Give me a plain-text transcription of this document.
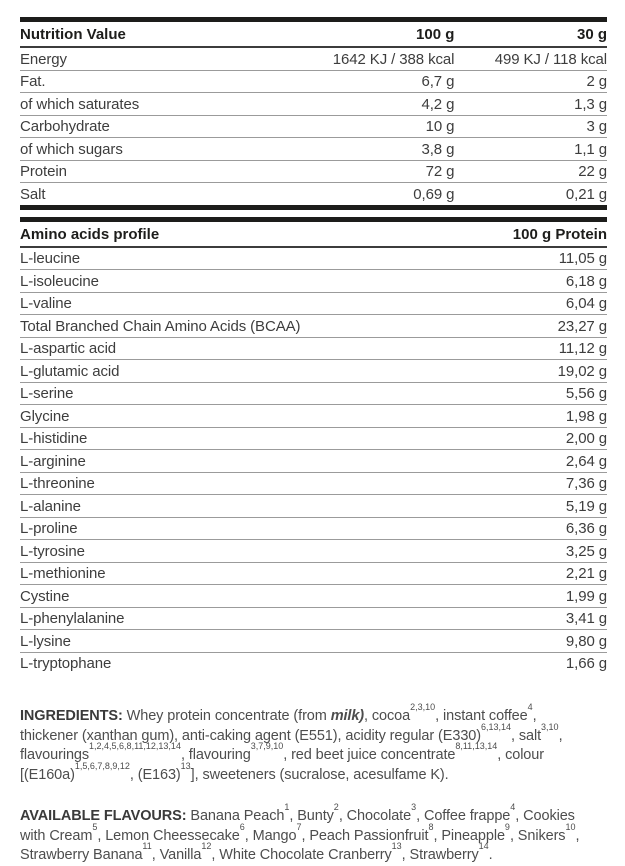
Nutrition Value	100 g	30 g
Energy	1642 KJ / 388 kcal	499 KJ / 118 kcal
Fat.	6,7 g	2 g
of which saturates	4,2 g	1,3 g
Carbohydrate	10 g	3 g
of which sugars	3,8 g	1,1 g
Protein	72 g	22 g
Salt	0,69 g	0,21 g
Amino acids profile	100 g Protein
L-leucine	11,05 g
L-isoleucine	6,18 g
L-valine	6,04 g
Total Branched Chain Amino Acids (BCAA)	23,27 g
L-aspartic acid	11,12 g
L-glutamic acid	19,02 g
L-serine	5,56 g
Glycine	1,98 g
L-histidine	2,00 g
L-arginine	2,64 g
L-threonine	7,36 g
L-alanine	5,19 g
L-proline	6,36 g
L-tyrosine	3,25 g
L-methionine	2,21 g
Cystine	1,99 g
L-phenylalanine	3,41 g
L-lysine	9,80 g
L-tryptophane	1,66 g

INGREDIENTS: Whey protein concentrate (from milk), cocoa$^{2,3,10}$, instant coffee$^4$, thickener (xanthan gum), anti-caking agent (E551), acidity regular $(E330)^{6,13,14}$, salt$^{3,10}$, flavourings$^{1,2,4,5,6,8,11,12,13,14}$, flavouring$^{3,7,9,10}$, red beet juice concentrate$^{8,11,13,14}$, colour [$(E160a)^{1,5,6,7,8,9,12}$, $(E163)^{13}$], sweeteners (sucralose, acesulfame K).

AVAILABLE FLAVOURS: Banana Peach$^1$, Bunty$^2$, Chocolate$^3$, Coffee frappe$^4$, Cookies with Cream$^5$, Lemon Cheessecake$^6$, Mango$^7$, Peach Passionfruit$^8$, Pineapple$^9$, Snikers$^{10}$, Strawberry Banana$^{11}$, Vanilla$^{12}$, White Chocolate Cranberry$^{13}$, Strawberry$^{14}$.
